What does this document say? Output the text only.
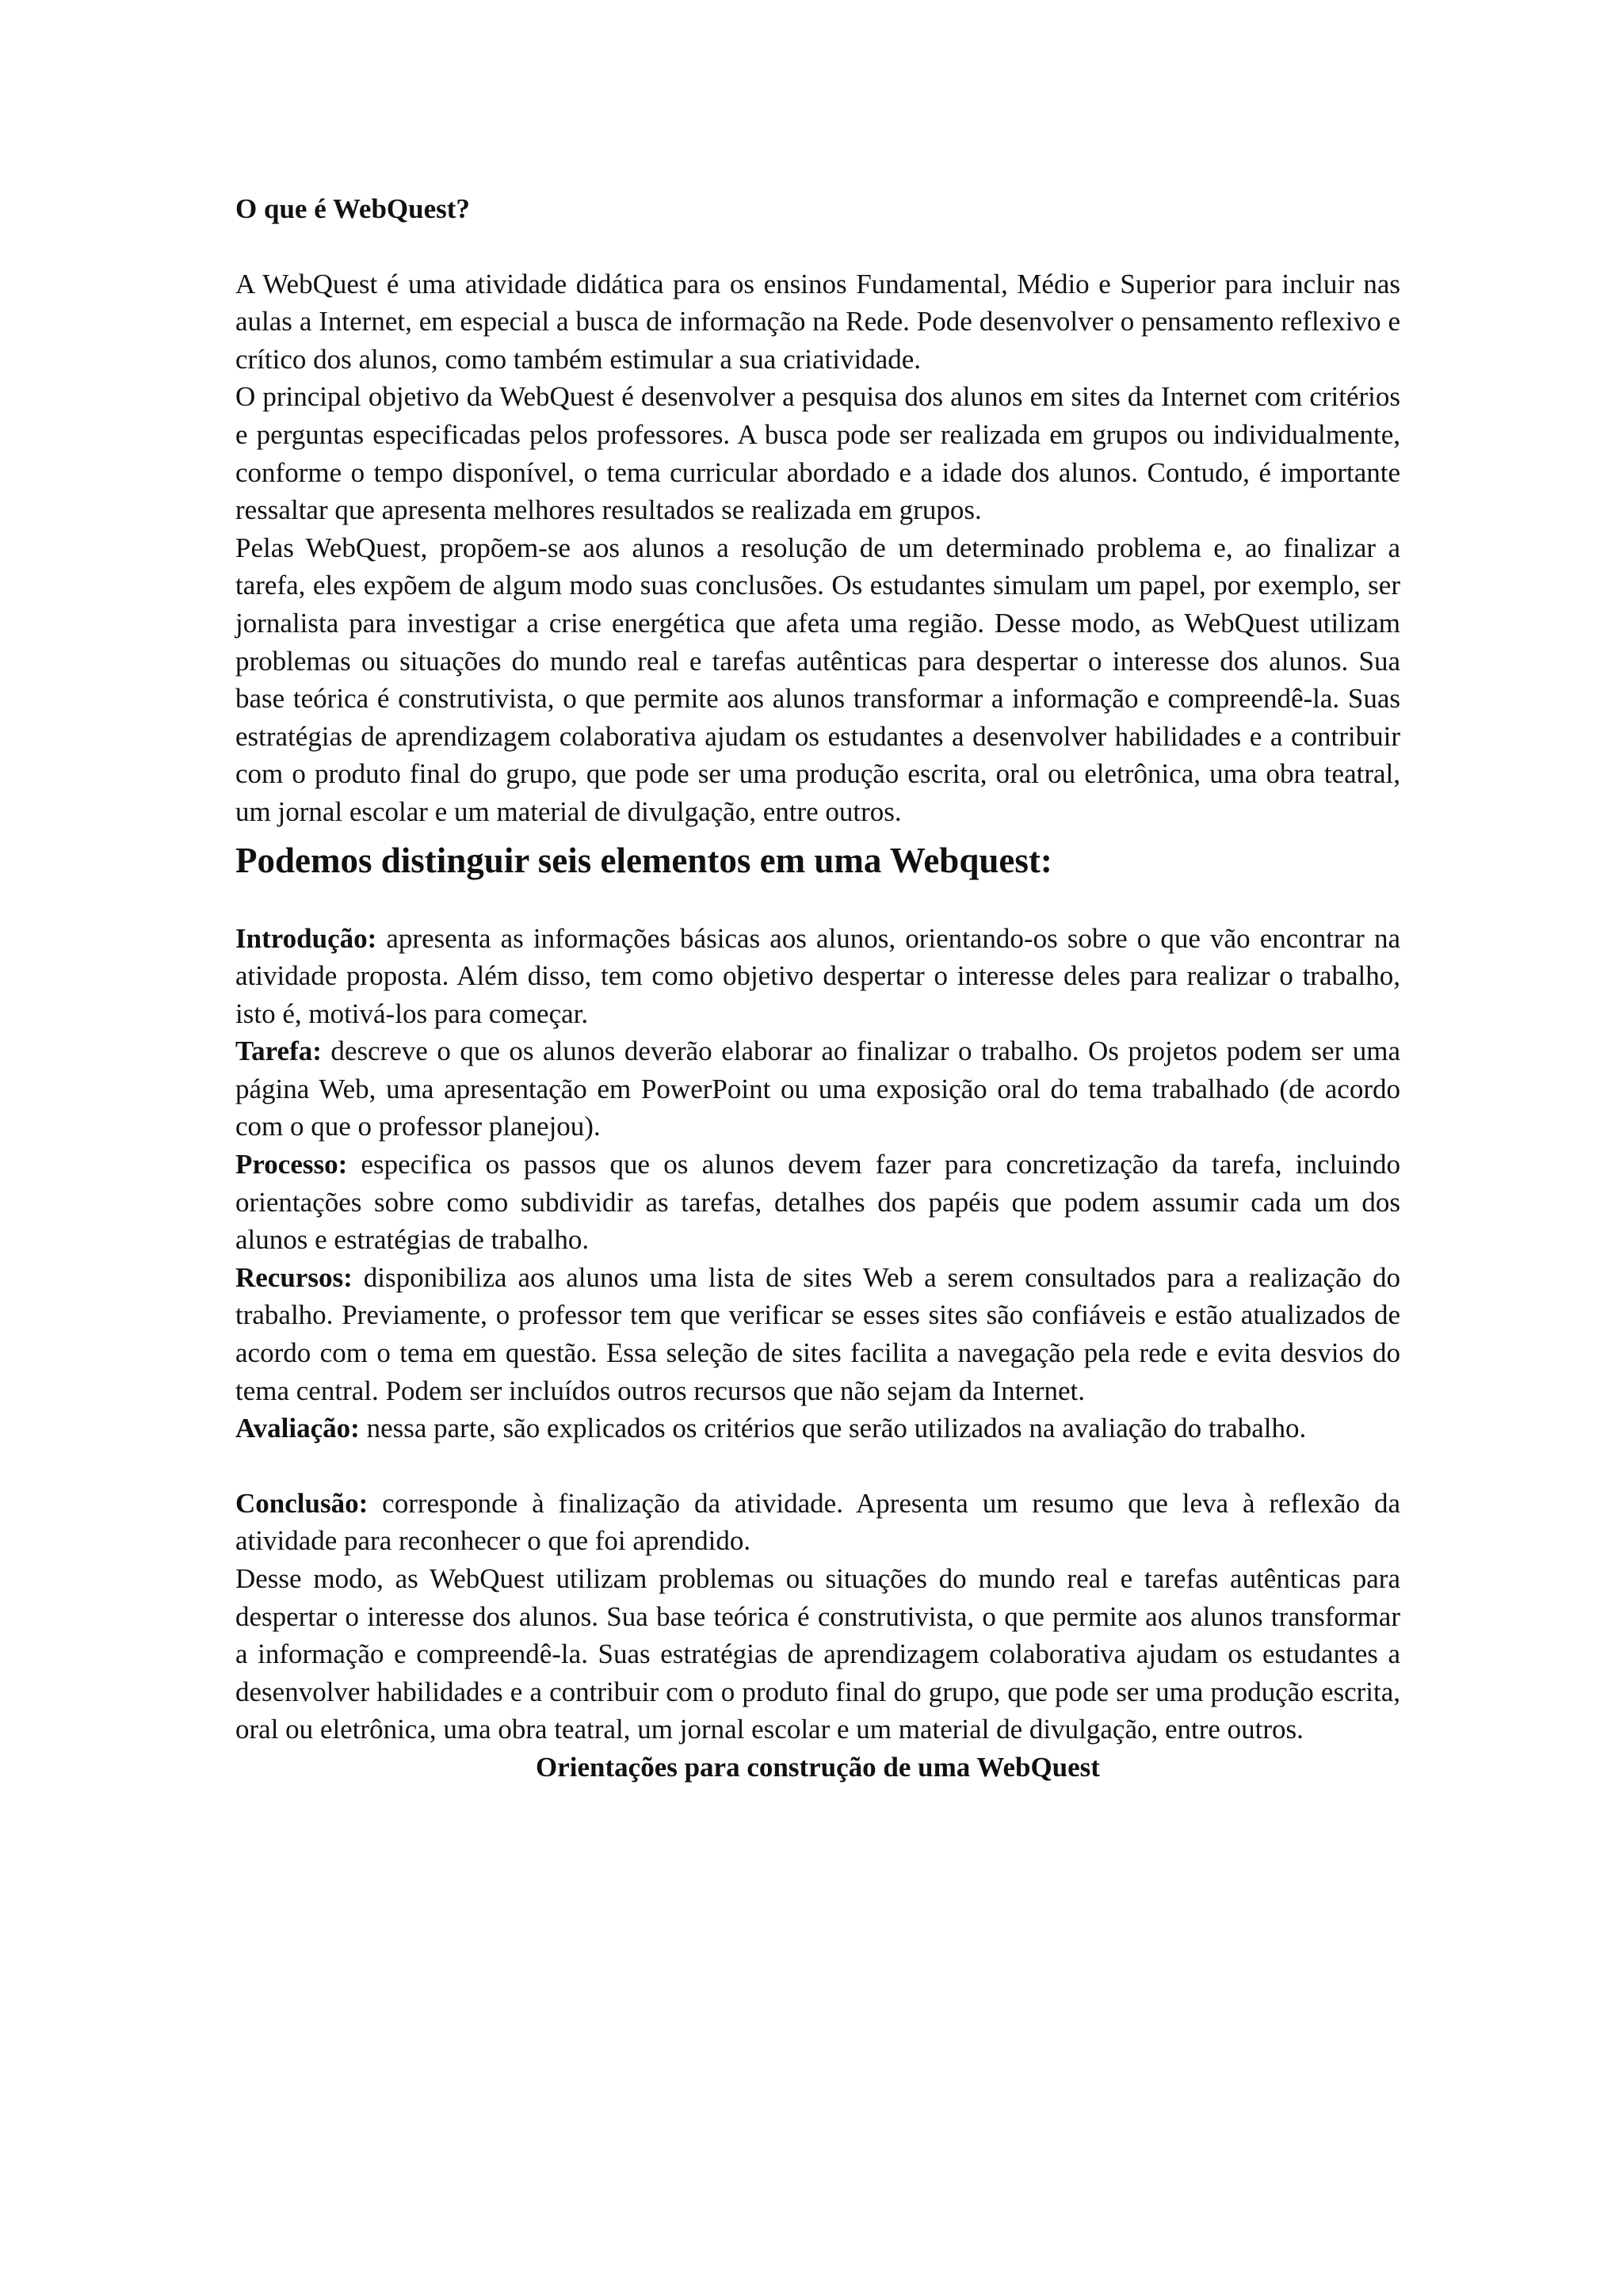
O que é WebQuest?

A WebQuest é uma atividade didática para os ensinos Fundamental, Médio e Superior para incluir nas aulas a Internet, em especial a busca de informação na Rede. Pode desenvolver o pensamento reflexivo e crítico dos alunos, como também estimular a sua criatividade.

O principal objetivo da WebQuest é desenvolver a pesquisa dos alunos em sites da Internet com critérios e perguntas especificadas pelos professores. A busca pode ser realizada em grupos ou individualmente, conforme o tempo disponível, o tema curricular abordado e a idade dos alunos. Contudo, é importante ressaltar que apresenta melhores resultados se realizada em grupos.

Pelas WebQuest, propõem-se aos alunos a resolução de um determinado problema e, ao finalizar a tarefa, eles expõem de algum modo suas conclusões. Os estudantes simulam um papel, por exemplo, ser jornalista para investigar a crise energética que afeta uma região. Desse modo, as WebQuest utilizam problemas ou situações do mundo real e tarefas autênticas para despertar o interesse dos alunos. Sua base teórica é construtivista, o que permite aos alunos transformar a informação e compreendê-la. Suas estratégias de aprendizagem colaborativa ajudam os estudantes a desenvolver habilidades e a contribuir com o produto final do grupo, que pode ser uma produção escrita, oral ou eletrônica, uma obra teatral, um jornal escolar e um material de divulgação, entre outros.

Podemos distinguir seis elementos em uma Webquest:

Introdução: apresenta as informações básicas aos alunos, orientando-os sobre o que vão encontrar na atividade proposta. Além disso, tem como objetivo despertar o interesse deles para realizar o trabalho, isto é, motivá-los para começar.

Tarefa: descreve o que os alunos deverão elaborar ao finalizar o trabalho. Os projetos podem ser uma página Web, uma apresentação em PowerPoint ou uma exposição oral do tema trabalhado (de acordo com o que o professor planejou).

Processo: especifica os passos que os alunos devem fazer para concretização da tarefa, incluindo orientações sobre como subdividir as tarefas, detalhes dos papéis que podem assumir cada um dos alunos e estratégias de trabalho.

Recursos: disponibiliza aos alunos uma lista de sites Web a serem consultados para a realização do trabalho. Previamente, o professor tem que verificar se esses sites são confiáveis e estão atualizados de acordo com o tema em questão. Essa seleção de sites facilita a navegação pela rede e evita desvios do tema central. Podem ser incluídos outros recursos que não sejam da Internet.

Avaliação: nessa parte, são explicados os critérios que serão utilizados na avaliação do trabalho.

Conclusão: corresponde à finalização da atividade. Apresenta um resumo que leva à reflexão da atividade para reconhecer o que foi aprendido.

Desse modo, as WebQuest utilizam problemas ou situações do mundo real e tarefas autênticas para despertar o interesse dos alunos. Sua base teórica é construtivista, o que permite aos alunos transformar a informação e compreendê-la. Suas estratégias de aprendizagem colaborativa ajudam os estudantes a desenvolver habilidades e a contribuir com o produto final do grupo, que pode ser uma produção escrita, oral ou eletrônica, uma obra teatral, um jornal escolar e um material de divulgação, entre outros.

Orientações para construção de uma WebQuest
